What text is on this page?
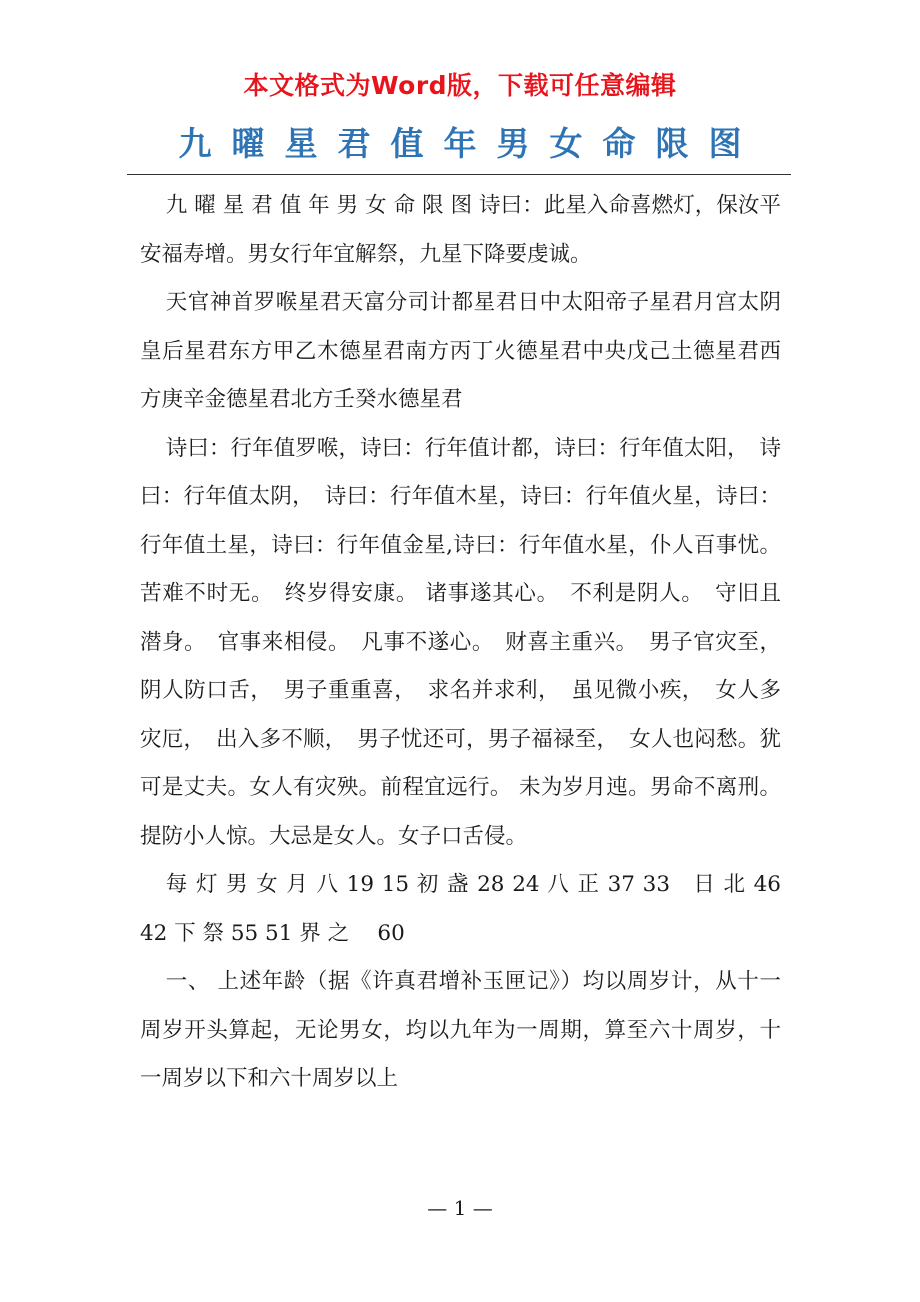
本文格式为Word版，下载可任意编辑
九曜星君值年男女命限图

九 曜 星 君 值 年 男 女 命 限 图 诗曰：此星入命喜燃灯，保汝平安福寿增。男女行年宜解祭，九星下降要虔诚。

天官神首罗喉星君天富分司计都星君日中太阳帝子星君月宫太阴皇后星君东方甲乙木德星君南方丙丁火德星君中央戊己土德星君西方庚辛金德星君北方壬癸水德星君

诗曰：行年值罗喉，诗曰：行年值计都，诗曰：行年值太阳，　诗曰：行年值太阴，　诗曰：行年值木星，诗曰：行年值火星，诗曰：行年值土星，诗曰：行年值金星,诗曰：行年值水星，仆人百事忧。苦难不时无。　终岁得安康。 诸事遂其心。　不利是阴人。　守旧且潜身。　官事来相侵。　凡事不遂心。　财喜主重兴。　男子官灾至，阴人防口舌，　男子重重喜，　求名并求利，　虽见微小疾，　女人多灾厄，　出入多不顺，　男子忧还可，男子福禄至，　女人也闷愁。犹可是丈夫。女人有灾殃。前程宜远行。 未为岁月迍。男命不离刑。提防小人惊。大忌是女人。女子口舌侵。

每 灯 男 女 月 八 19 15 初 盏 28 24 八 正 37 33　日 北 46 42 下 祭 55 51 界 之　 60

一、 上述年龄（据《许真君增补玉匣记》）均以周岁计，从十一周岁开头算起，无论男女，均以九年为一周期，算至六十周岁，十一周岁以下和六十周岁以上

— 1 —
